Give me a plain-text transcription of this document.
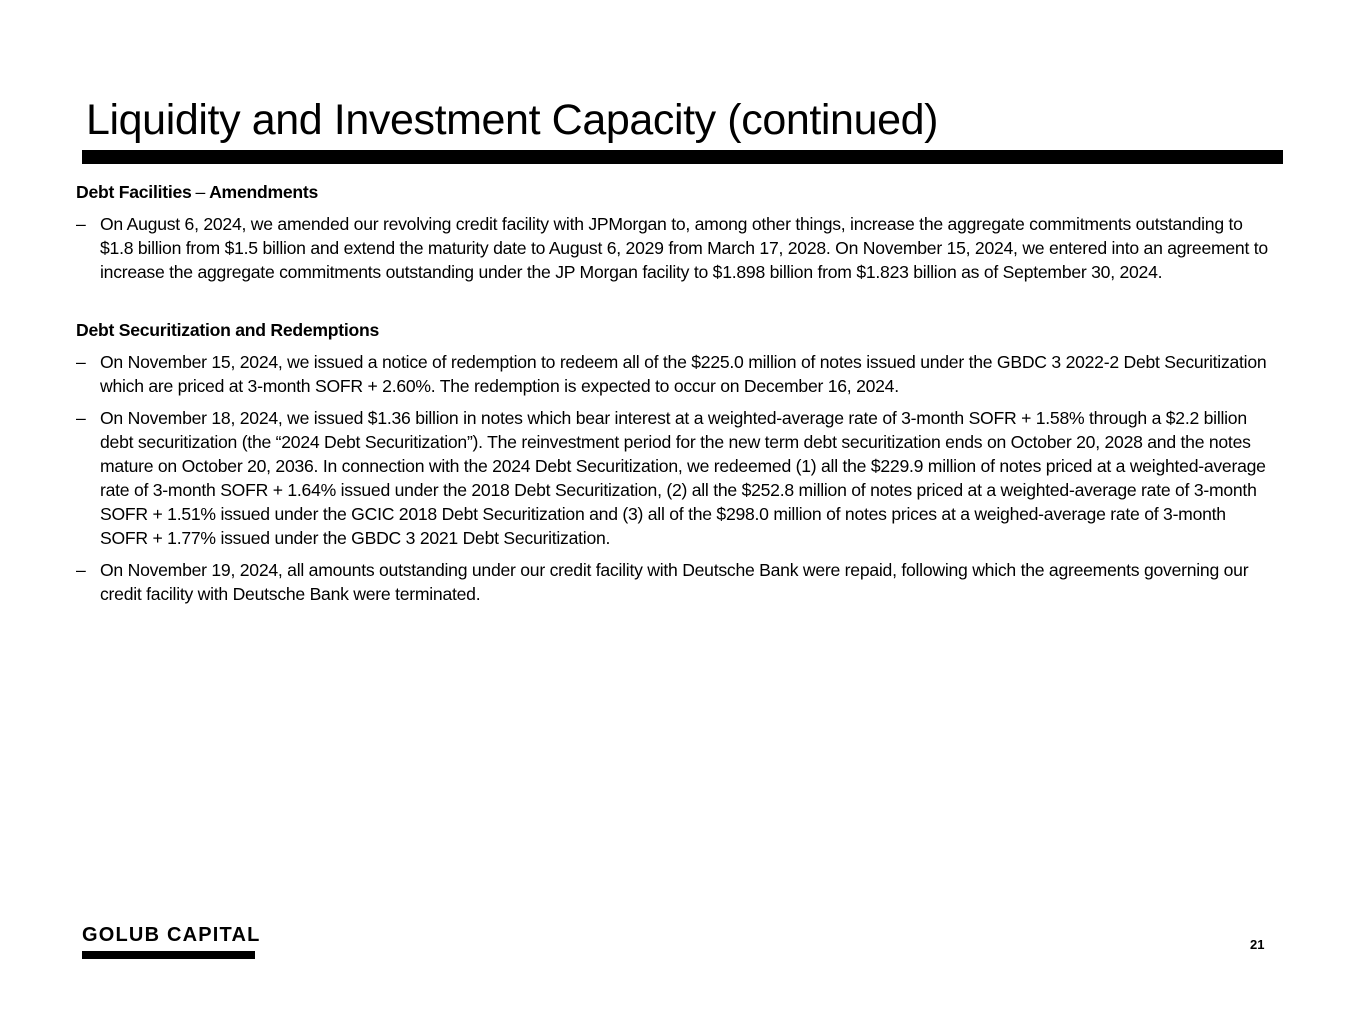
Liquidity and Investment Capacity (continued)

Debt Facilities – Amendments

– On August 6, 2024, we amended our revolving credit facility with JPMorgan to, among other things, increase the aggregate commitments outstanding to $1.8 billion from $1.5 billion and extend the maturity date to August 6, 2029 from March 17, 2028. On November 15, 2024, we entered into an agreement to increase the aggregate commitments outstanding under the JP Morgan facility to $1.898 billion from $1.823 billion as of September 30, 2024.

Debt Securitization and Redemptions

– On November 15, 2024, we issued a notice of redemption to redeem all of the $225.0 million of notes issued under the GBDC 3 2022-2 Debt Securitization which are priced at 3-month SOFR + 2.60%. The redemption is expected to occur on December 16, 2024.
– On November 18, 2024, we issued $1.36 billion in notes which bear interest at a weighted-average rate of 3-month SOFR + 1.58% through a $2.2 billion debt securitization (the “2024 Debt Securitization”). The reinvestment period for the new term debt securitization ends on October 20, 2028 and the notes mature on October 20, 2036. In connection with the 2024 Debt Securitization, we redeemed (1) all the $229.9 million of notes priced at a weighted-average rate of 3-month SOFR + 1.64% issued under the 2018 Debt Securitization, (2) all the $252.8 million of notes priced at a weighted-average rate of 3-month SOFR + 1.51% issued under the GCIC 2018 Debt Securitization and (3) all of the $298.0 million of notes prices at a weighed-average rate of 3-month SOFR + 1.77% issued under the GBDC 3 2021 Debt Securitization.
– On November 19, 2024, all amounts outstanding under our credit facility with Deutsche Bank were repaid, following which the agreements governing our credit facility with Deutsche Bank were terminated.
GOLUB CAPITAL	21
